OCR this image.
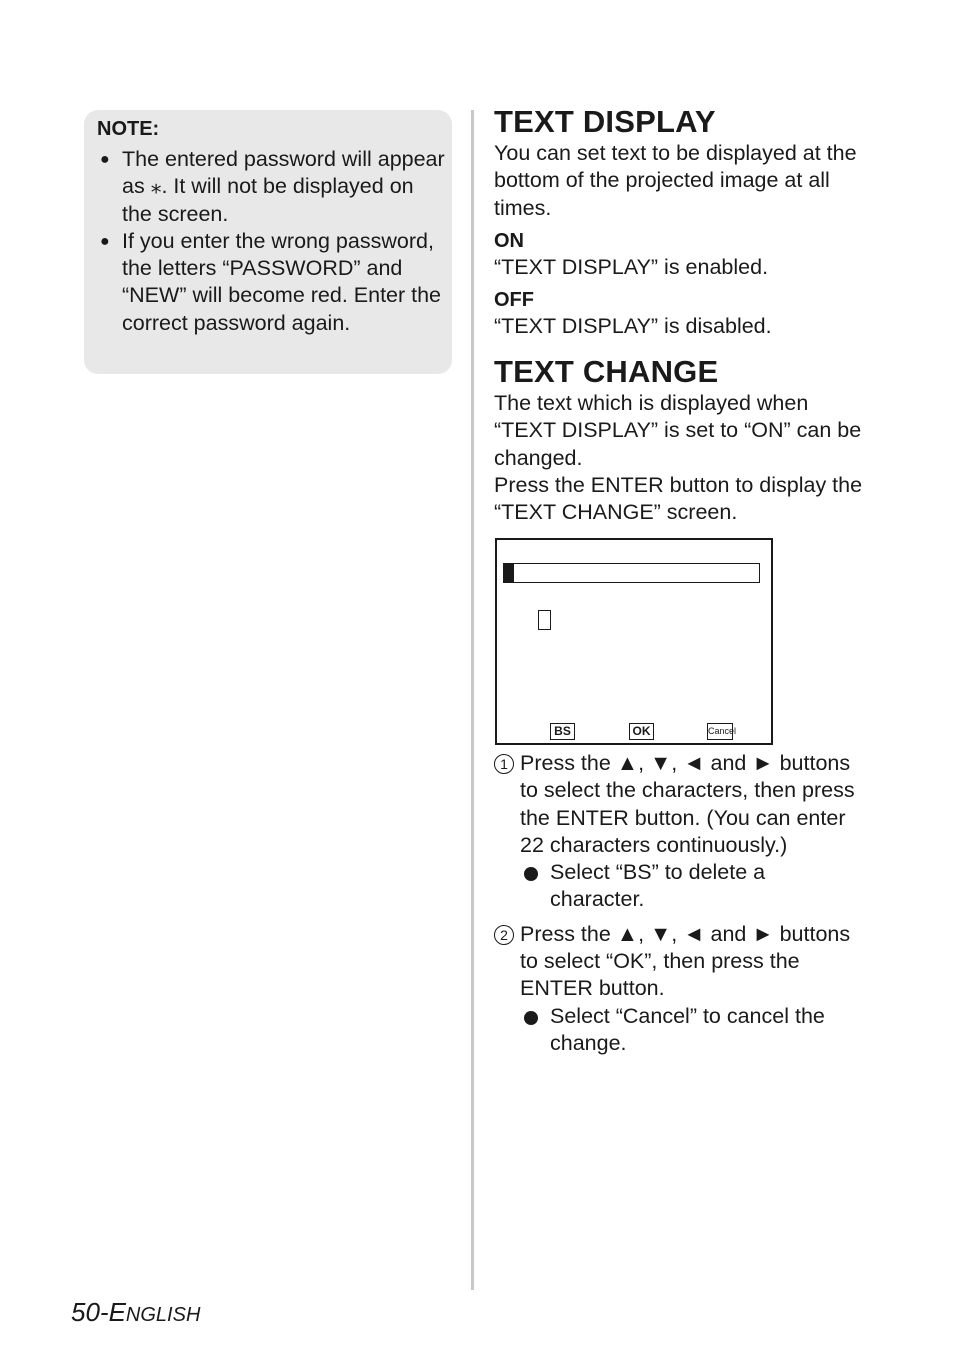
NOTE:
● The entered password will appear as ⁎. It will not be displayed on the screen.
● If you enter the wrong password, the letters “PASSWORD” and “NEW” will become red. Enter the correct password again.
TEXT DISPLAY

You can set text to be displayed at the bottom of the projected image at all times.

ON

“TEXT DISPLAY” is enabled.

OFF

“TEXT DISPLAY” is disabled.

TEXT CHANGE

The text which is displayed when “TEXT DISPLAY” is set to “ON” can be changed.

Press the ENTER button to display the “TEXT CHANGE” screen.

BS	OK	Cancel
1 Press the ▲, ▼, ◄ and ► buttons to select the characters, then press the ENTER button. (You can enter 22 characters continuously.)
Select “BS” to delete a character.
2 Press the ▲, ▼, ◄ and ► buttons to select “OK”, then press the ENTER button.
Select “Cancel” to cancel the change.
50-ENGLISH
